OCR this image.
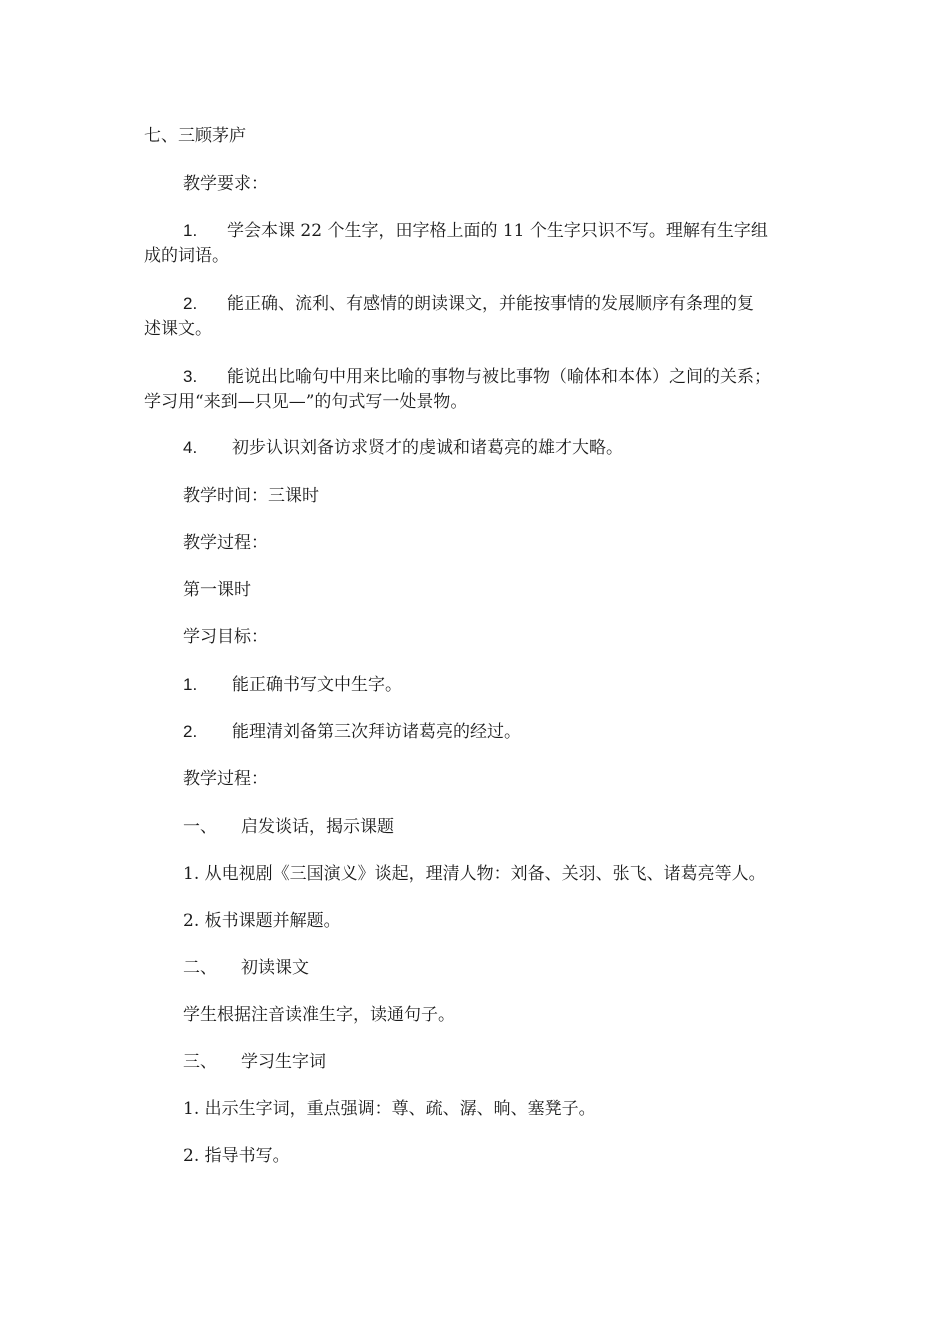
七、三顾茅庐
教学要求：
1. 学会本课 22 个生字，田字格上面的 11 个生字只识不写。理解有生字组
成的词语。
2. 能正确、流利、有感情的朗读课文，并能按事情的发展顺序有条理的复
述课文。
3. 能说出比喻句中用来比喻的事物与被比事物（喻体和本体）之间的关系；
学习用“来到—只见—”的句式写一处景物。
4. 初步认识刘备访求贤才的虔诚和诸葛亮的雄才大略。
教学时间：三课时
教学过程：
第一课时
学习目标：
1. 能正确书写文中生字。
2. 能理清刘备第三次拜访诸葛亮的经过。
教学过程：
一、 启发谈话，揭示课题
1. 从电视剧《三国演义》谈起，理清人物：刘备、关羽、张飞、诸葛亮等人。
2. 板书课题并解题。
二、 初读课文
学生根据注音读准生字，读通句子。
三、 学习生字词
1. 出示生字词，重点强调：尊、疏、潺、晌、塞凳子。
2. 指导书写。
